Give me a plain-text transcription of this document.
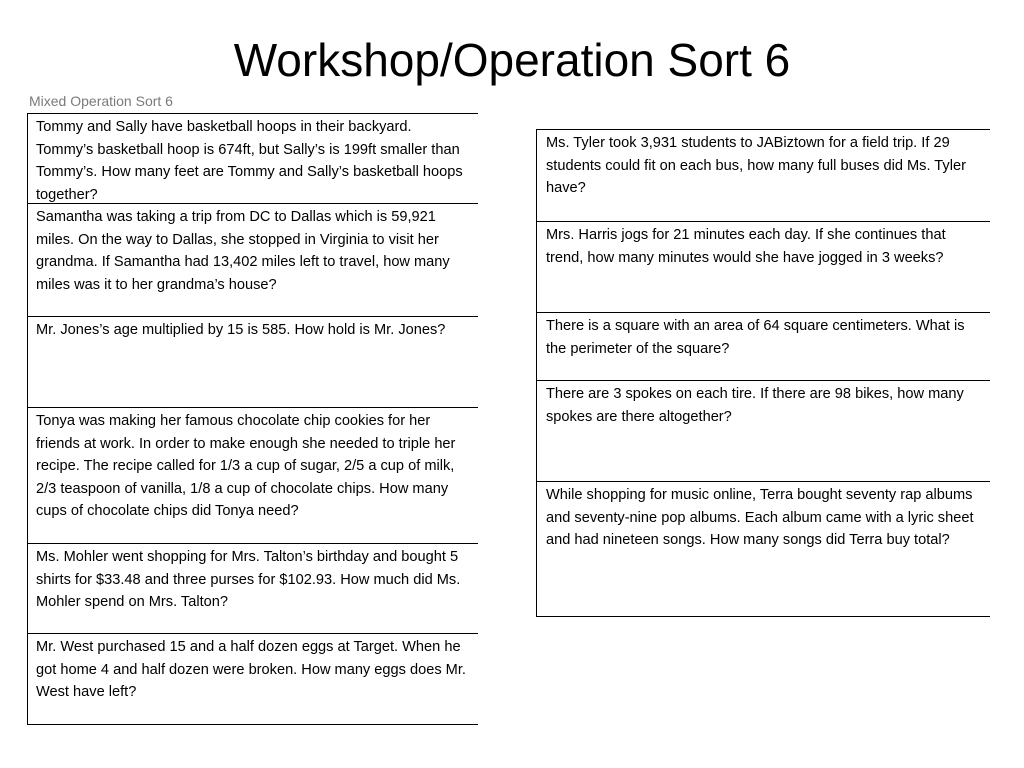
Workshop/Operation Sort 6
Mixed Operation Sort 6
Tommy and Sally have basketball hoops in their backyard. Tommy’s basketball hoop is 674ft, but Sally’s is 199ft smaller than Tommy’s. How many feet are Tommy and Sally’s basketball hoops together?
Samantha was taking a trip from DC to Dallas which is 59,921 miles. On the way to Dallas, she stopped in Virginia to visit her grandma. If Samantha had 13,402 miles left to travel, how many miles was it to her grandma’s house?
Mr. Jones’s age multiplied by 15 is 585. How hold is Mr. Jones?
Tonya was making her famous chocolate chip cookies for her friends at work. In order to make enough she needed to triple her recipe. The recipe called for 1/3 a cup of sugar, 2/5 a cup of milk, 2/3 teaspoon of vanilla, 1/8 a cup of chocolate chips. How many cups of chocolate chips did Tonya need?
Ms. Mohler went shopping for Mrs. Talton’s birthday and bought 5 shirts for $33.48 and three purses for $102.93. How much did Ms. Mohler spend on Mrs. Talton?
Mr. West purchased 15 and a half dozen eggs at Target. When he got home 4 and half dozen were broken. How many eggs does Mr. West have left?
Ms. Tyler took 3,931 students to JABiztown for a field trip. If 29 students could fit on each bus, how many full buses did Ms. Tyler have?
Mrs. Harris jogs for 21 minutes each day. If she continues that trend, how many minutes would she have jogged in 3 weeks?
There is a square with an area of 64 square centimeters. What is the perimeter of the square?
There are 3 spokes on each tire. If there are 98 bikes, how many spokes are there altogether?
While shopping for music online, Terra bought seventy rap albums and seventy-nine pop albums. Each album came with a lyric sheet and had nineteen songs. How many songs did Terra buy total?
